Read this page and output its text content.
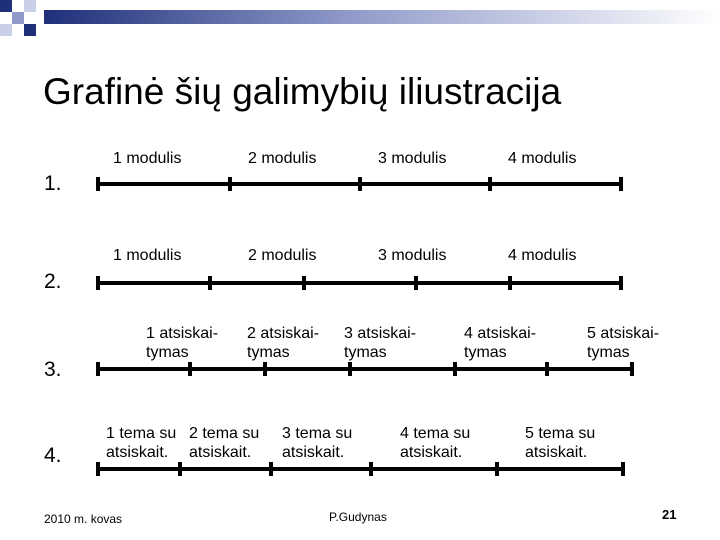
Grafinė šių galimybių iliustracija
1.
1 modulis	2 modulis	3 modulis	4 modulis
2.
1 modulis	2 modulis	3 modulis	4 modulis
3.
1 atsiskai-
tymas
2 atsiskai-
tymas
3 atsiskai-
tymas
4 atsiskai-
tymas
5 atsiskai-
tymas
4.
1 tema su
atsiskait.
2 tema su
atsiskait.
3 tema su
atsiskait.
4 tema su
atsiskait.
5 tema su
atsiskait.
2010 m. kovas	P.Gudynas	21
